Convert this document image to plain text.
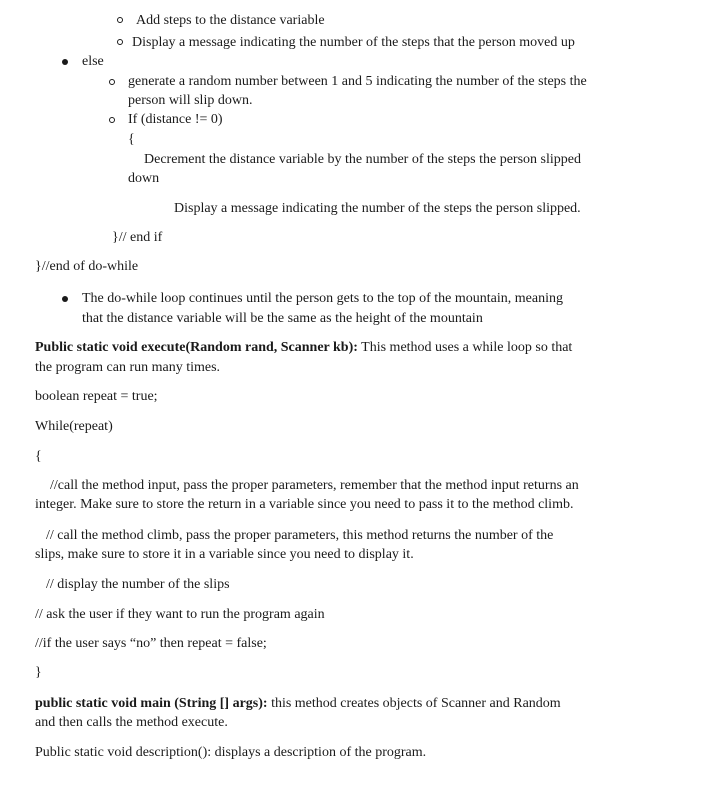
Add steps to the distance variable
Display a message indicating the number of the steps that the person moved up
else
generate a random number between 1 and 5 indicating the number of the steps the
person will slip down.
If (distance != 0)
{
Decrement the distance variable by the number of the steps the person slipped
down
Display a message indicating the number of the steps the person slipped.
}// end if
}//end of do-while
The do-while loop continues until the person gets to the top of the mountain, meaning
that the distance variable will be the same as the height of the mountain
Public static void execute(Random rand, Scanner kb): This method uses a while loop so that
the program can run many times.
boolean repeat = true;
While(repeat)
{
//call the method input, pass the proper parameters, remember that the method input returns an
integer. Make sure to store the return in a variable since you need to pass it to the method climb.
// call the method climb, pass the proper parameters, this method returns the number of the
slips, make sure to store it in a variable since you need to display it.
// display the number of the slips
// ask the user if they want to run the program again
//if the user says “no” then repeat = false;
}
public static void main (String [] args): this method creates objects of Scanner and Random
and then calls the method execute.
Public static void description(): displays a description of the program.
